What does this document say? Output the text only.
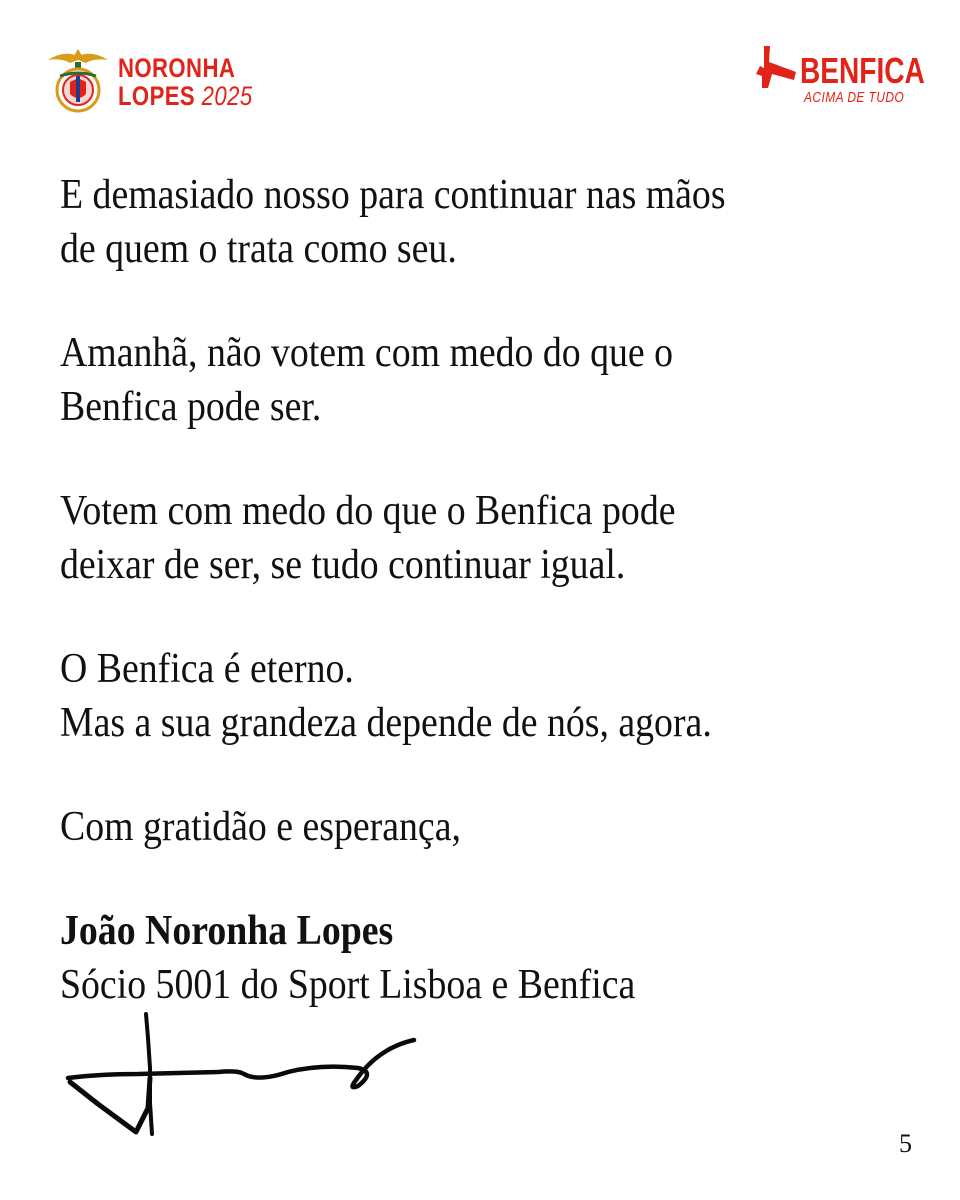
NORONHA
LOPES 2025
BENFICA
ACIMA DE TUDO

E demasiado nosso para continuar nas mãos
de quem o trata como seu.

Amanhã, não votem com medo do que o
Benfica pode ser.

Votem com medo do que o Benfica pode
deixar de ser, se tudo continuar igual.

O Benfica é eterno.
Mas a sua grandeza depende de nós, agora.

Com gratidão e esperança,

João Noronha Lopes
Sócio 5001 do Sport Lisboa e Benfica
5
